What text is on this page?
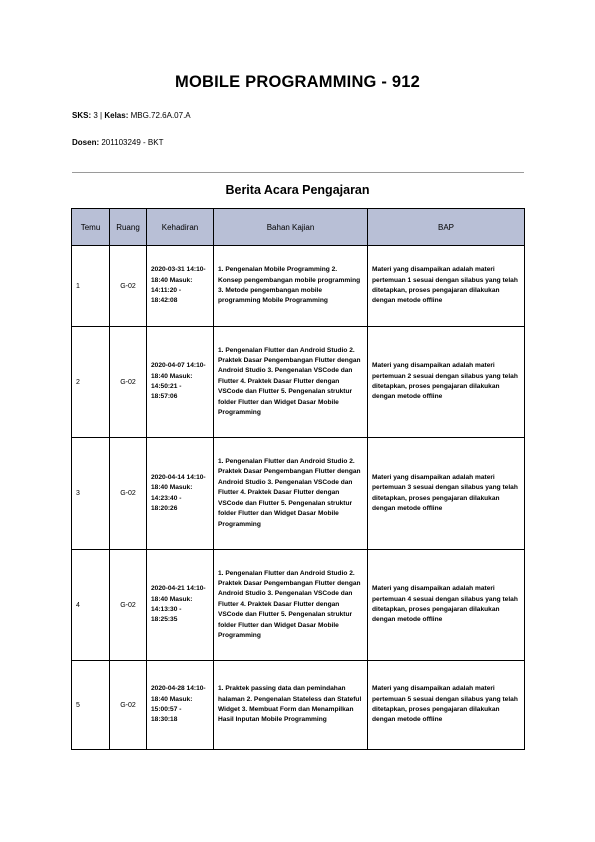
MOBILE PROGRAMMING - 912
SKS: 3 | Kelas: MBG.72.6A.07.A
Dosen: 201103249 - BKT
Berita Acara Pengajaran
Temu	Ruang	Kehadiran	Bahan Kajian	BAP
1	G-02	2020-03-31 14:10-18:40 Masuk: 14:11:20 - 18:42:08	1. Pengenalan Mobile Programming 2. Konsep pengembangan mobile programming 3. Metode pengembangan mobile programming Mobile Programming	Materi yang disampaikan adalah materi pertemuan 1 sesuai dengan silabus yang telah ditetapkan, proses pengajaran dilakukan dengan metode offline
2	G-02	2020-04-07 14:10-18:40 Masuk: 14:50:21 - 18:57:06	1. Pengenalan Flutter dan Android Studio 2. Praktek Dasar Pengembangan Flutter dengan Android Studio 3. Pengenalan VSCode dan Flutter 4. Praktek Dasar Flutter dengan VSCode dan Flutter 5. Pengenalan struktur folder Flutter dan Widget Dasar Mobile Programming	Materi yang disampaikan adalah materi pertemuan 2 sesuai dengan silabus yang telah ditetapkan, proses pengajaran dilakukan dengan metode offline
3	G-02	2020-04-14 14:10-18:40 Masuk: 14:23:40 - 18:20:26	1. Pengenalan Flutter dan Android Studio 2. Praktek Dasar Pengembangan Flutter dengan Android Studio 3. Pengenalan VSCode dan Flutter 4. Praktek Dasar Flutter dengan VSCode dan Flutter 5. Pengenalan struktur folder Flutter dan Widget Dasar Mobile Programming	Materi yang disampaikan adalah materi pertemuan 3 sesuai dengan silabus yang telah ditetapkan, proses pengajaran dilakukan dengan metode offline
4	G-02	2020-04-21 14:10-18:40 Masuk: 14:13:30 - 18:25:35	1. Pengenalan Flutter dan Android Studio 2. Praktek Dasar Pengembangan Flutter dengan Android Studio 3. Pengenalan VSCode dan Flutter 4. Praktek Dasar Flutter dengan VSCode dan Flutter 5. Pengenalan struktur folder Flutter dan Widget Dasar Mobile Programming	Materi yang disampaikan adalah materi pertemuan 4 sesuai dengan silabus yang telah ditetapkan, proses pengajaran dilakukan dengan metode offline
5	G-02	2020-04-28 14:10-18:40 Masuk: 15:00:57 - 18:30:18	1. Praktek passing data dan pemindahan halaman 2. Pengenalan Stateless dan Stateful Widget 3. Membuat Form dan Menampilkan Hasil Inputan Mobile Programming	Materi yang disampaikan adalah materi pertemuan 5 sesuai dengan silabus yang telah ditetapkan, proses pengajaran dilakukan dengan metode offline
